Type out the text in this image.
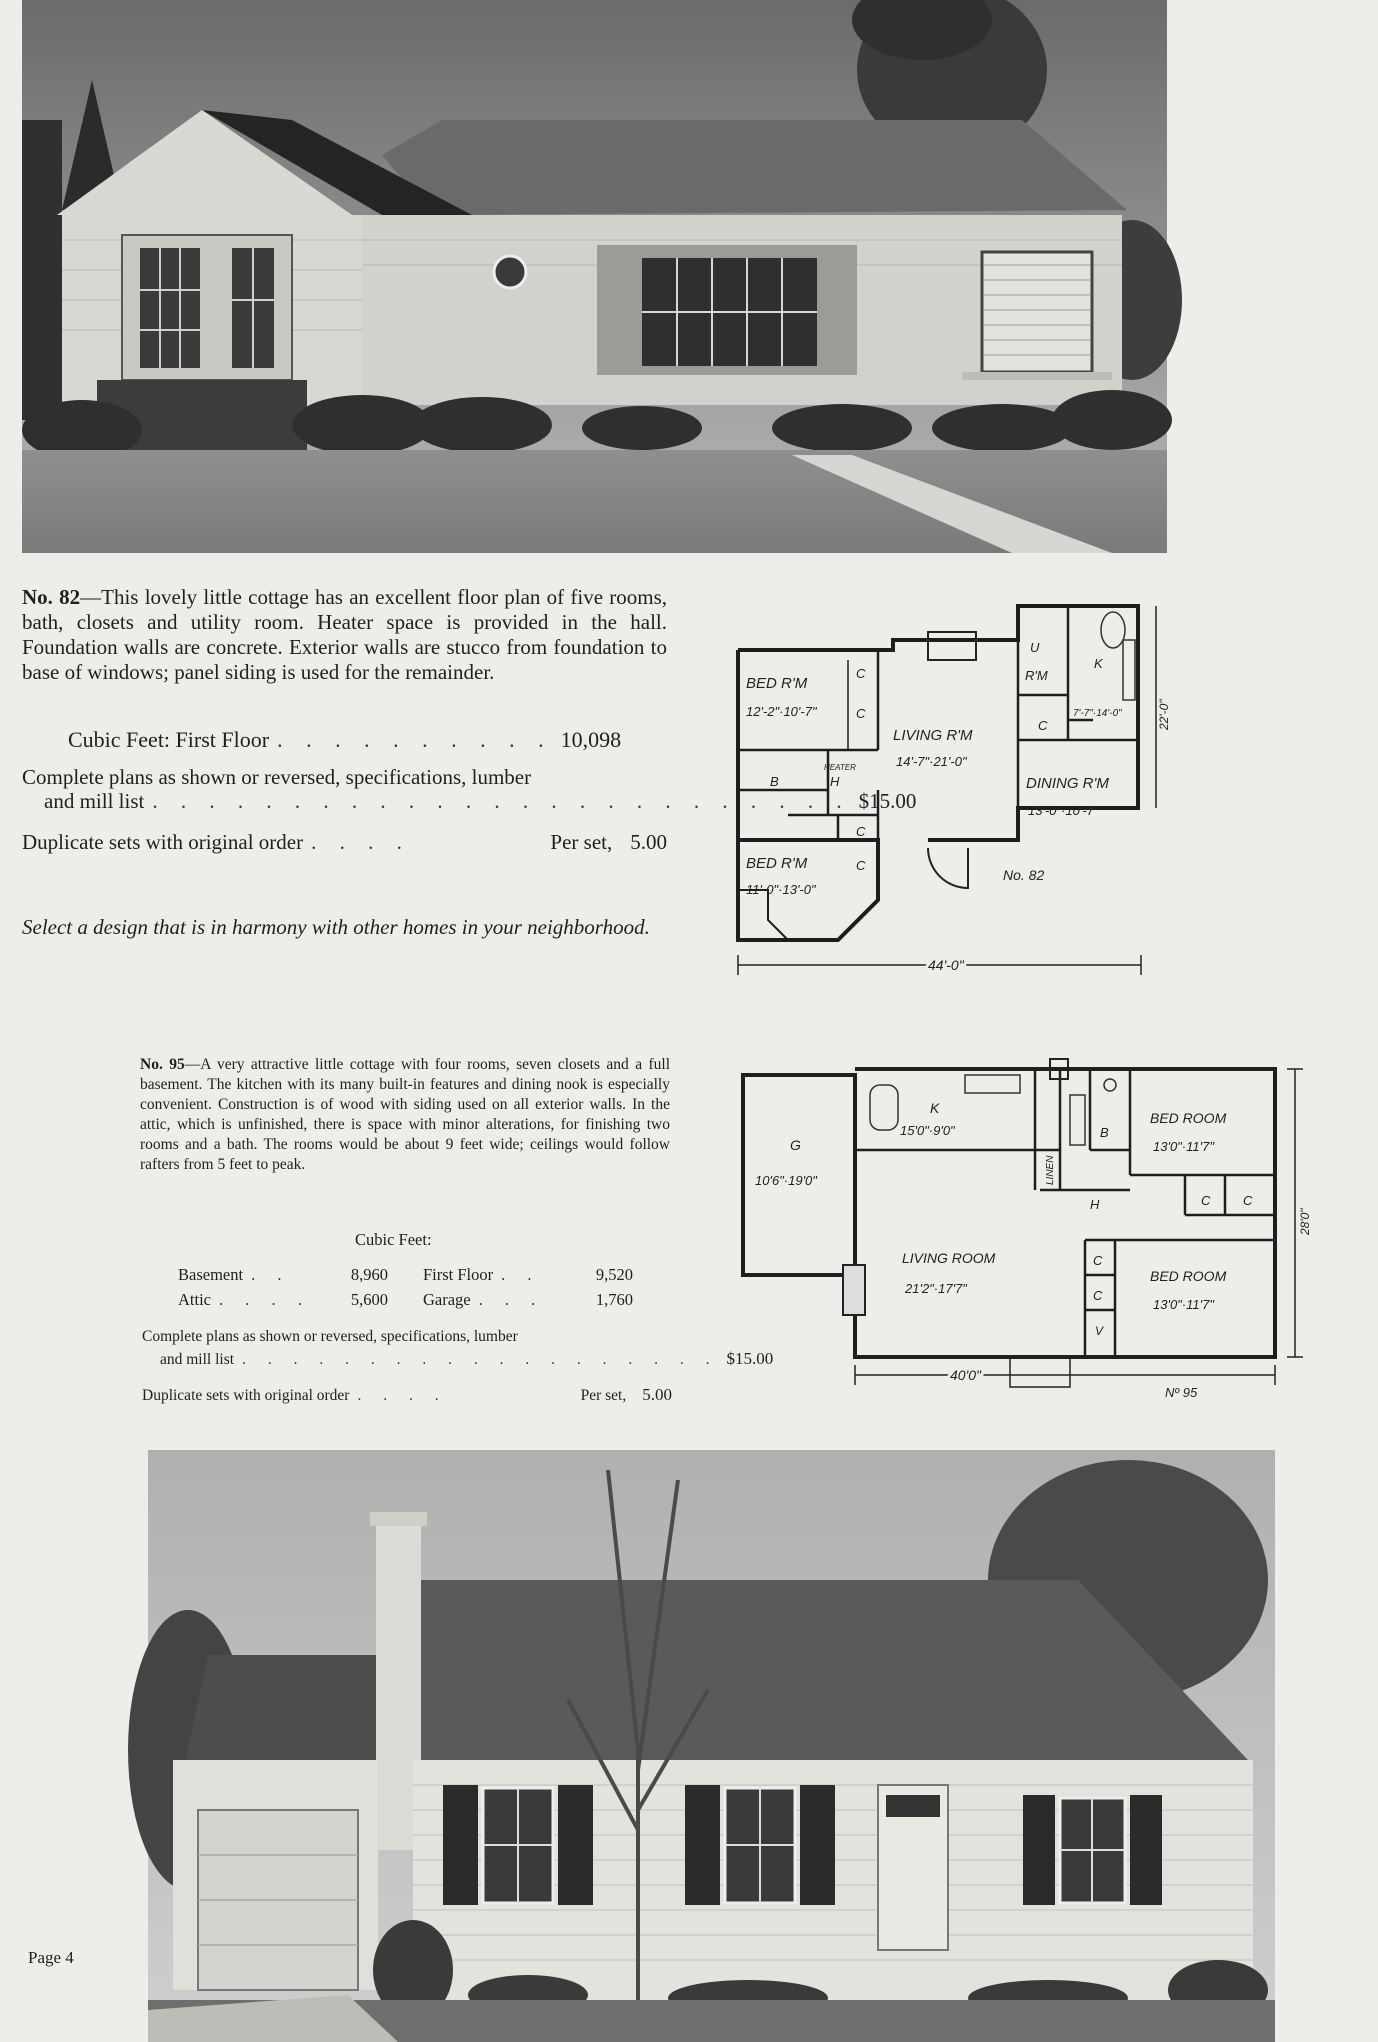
No. 82—This lovely little cottage has an excellent floor plan of five rooms, bath, closets and utility room. Heater space is provided in the hall. Foundation walls are concrete. Exterior walls are stucco from foundation to base of windows; panel siding is used for the remainder.
Cubic Feet: First Floor . . . . . . . . . . 10,098
Complete plans as shown or reversed, specifications, lumber
and mill list . . . . . . . . . . . . . . . . . . . . . . . . . $15.00
Duplicate sets with original order . . . .	Per set, 5.00
Select a design that is in harmony with other homes in your neighborhood.
BED R'M
12'-2"·10'-7"
LIVING R'M
14'-7"·21'-0"
DINING R'M
13'-0"·10'-7"
BED R'M
11'-0"·13'-0"
U
R'M
K
7'-7"·14'-0"
B
HEATER
H
C
C
C
C
C
No. 82
44'-0"
22'-0"
No. 95—A very attractive little cottage with four rooms, seven closets and a full basement. The kitchen with its many built-in features and dining nook is especially convenient. Construction is of wood with siding used on all exterior walls. In the attic, which is unfinished, there is space with minor alterations, for finishing two rooms and a bath. The rooms would be about 9 feet wide; ceilings would follow rafters from 5 feet to peak.
Cubic Feet:
Basement . .	8,960 First Floor . .	9,520
Attic . . . .	5,600 Garage . . .	1,760
Complete plans as shown or reversed, specifications, lumber
and mill list . . . . . . . . . . . . . . . . . . . $15.00
Duplicate sets with original order . . . .	Per set, 5.00
G
10'6"·19'0"
K
15'0"·9'0"
LIVING ROOM
21'2"·17'7"
BED ROOM
13'0"·11'7"
BED ROOM
13'0"·11'7"
B
H	C	C
C
C
V
LINEN
40'0"
Nº 95
28'0"
Page 4
